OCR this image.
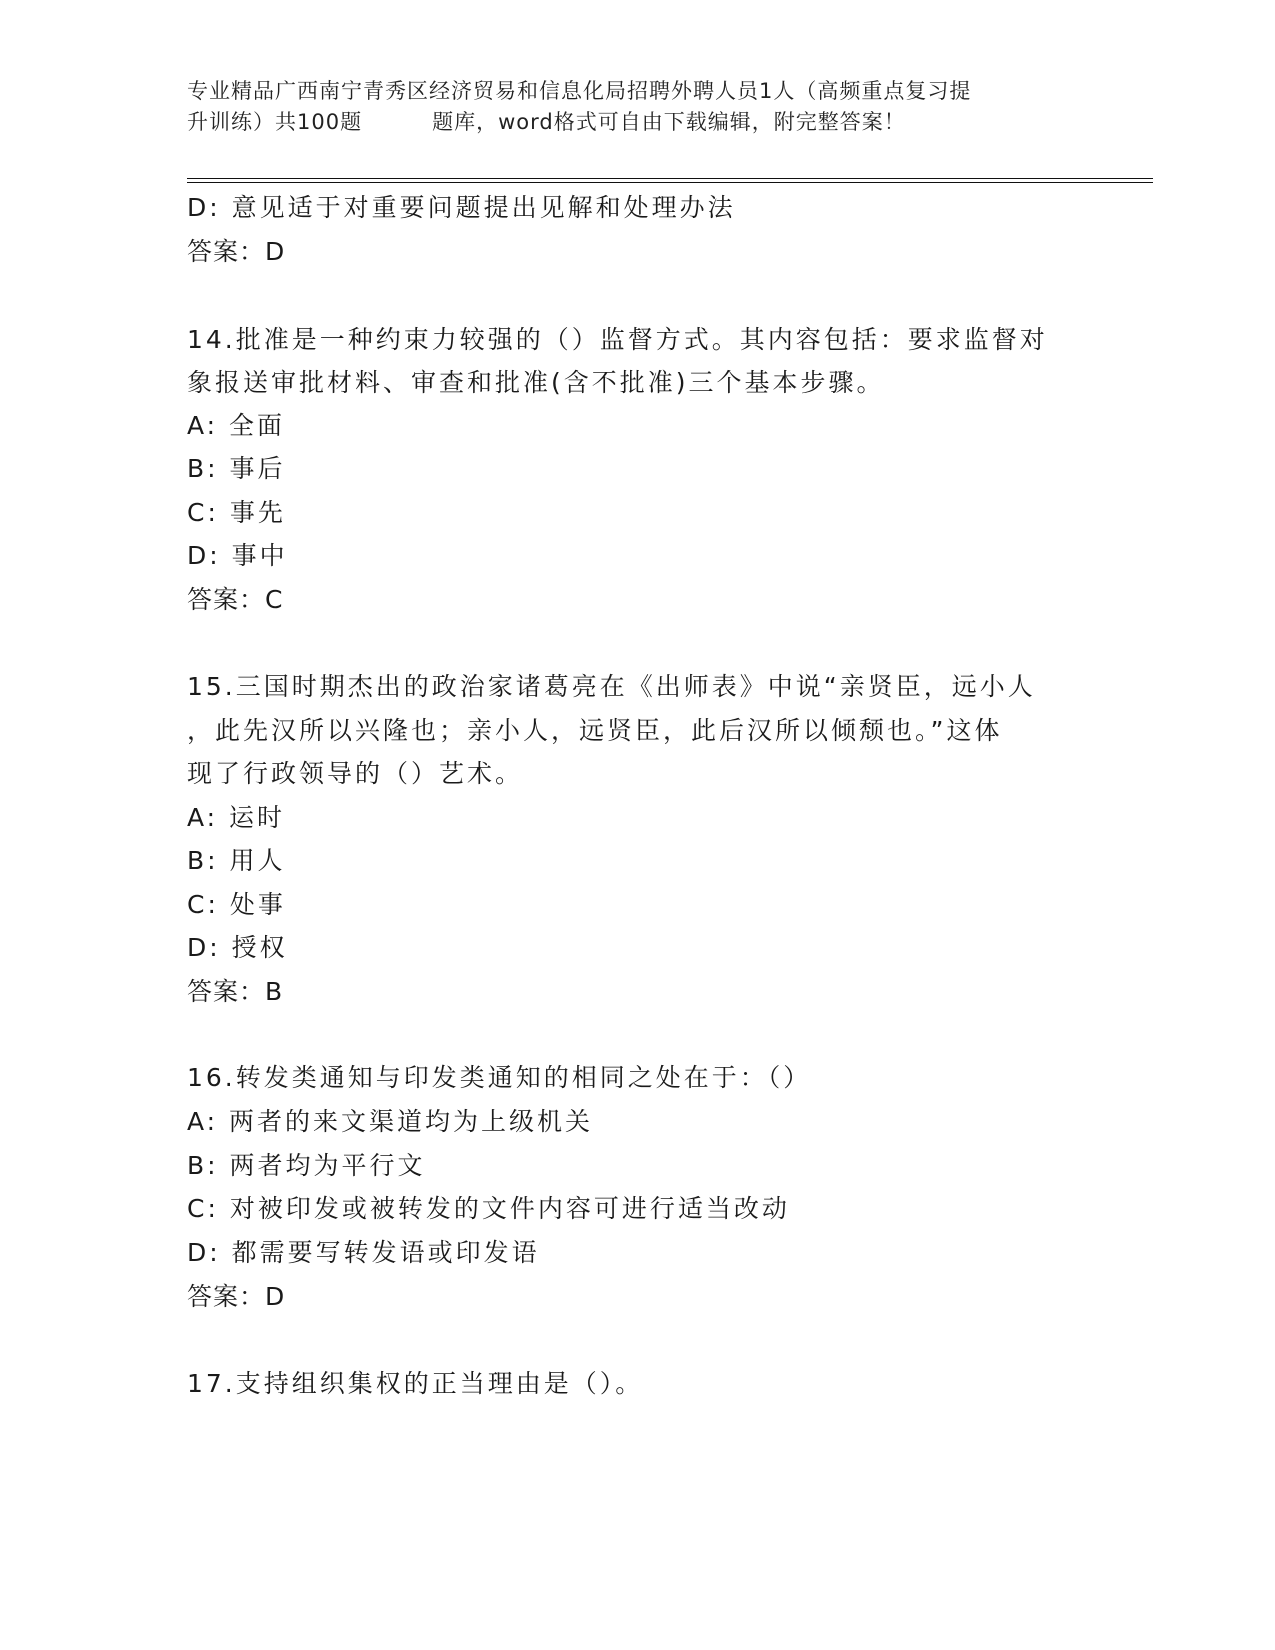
专业精品广西南宁青秀区经济贸易和信息化局招聘外聘人员1人（高频重点复习提
升训练）共100题	题库，word格式可自由下载编辑，附完整答案！
D: 意见适于对重要问题提出见解和处理办法
答案：D
14.批准是一种约束力较强的（）监督方式。其内容包括：要求监督对
象报送审批材料、审查和批准(含不批准)三个基本步骤。
A: 全面
B: 事后
C: 事先
D: 事中
答案：C
15.三国时期杰出的政治家诸葛亮在《出师表》中说“亲贤臣，远小人
，此先汉所以兴隆也；亲小人，远贤臣，此后汉所以倾颓也。”这体
现了行政领导的（）艺术。
A: 运时
B: 用人
C: 处事
D: 授权
答案：B
16.转发类通知与印发类通知的相同之处在于：（）
A: 两者的来文渠道均为上级机关
B: 两者均为平行文
C: 对被印发或被转发的文件内容可进行适当改动
D: 都需要写转发语或印发语
答案：D
17.支持组织集权的正当理由是（）。
